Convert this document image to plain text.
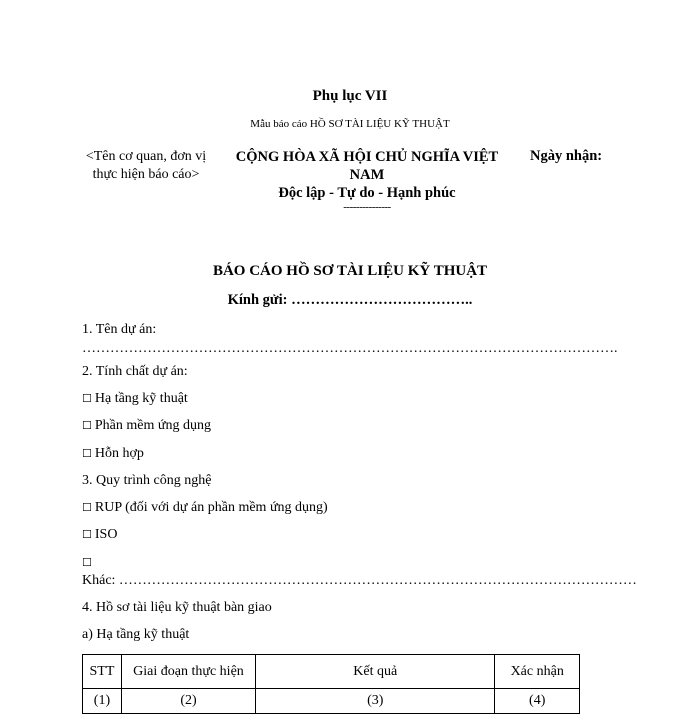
Phụ lục VII
Mẫu báo cáo HỒ SƠ TÀI LIỆU KỸ THUẬT
<Tên cơ quan, đơn vị thực hiện báo cáo>
CỘNG HÒA XÃ HỘI CHỦ NGHĨA VIỆT NAM
Độc lập - Tự do - Hạnh phúc
---------------
Ngày nhận:
BÁO CÁO HỒ SƠ TÀI LIỆU KỸ THUẬT
Kính gửi: ………………………………..
1. Tên dự án: …………………………………………………………………………………………………….
2. Tính chất dự án:
☐ Hạ tầng kỹ thuật
☐ Phần mềm ứng dụng
☐ Hỗn hợp
3. Quy trình công nghệ
☐ RUP (đối với dự án phần mềm ứng dụng)
☐ ISO
☐
Khác: …………………………………………………………………………………………………
4. Hồ sơ tài liệu kỹ thuật bàn giao
a) Hạ tầng kỹ thuật
STT	Giai đoạn thực hiện	Kết quả	Xác nhận
(1)	(2)	(3)	(4)
